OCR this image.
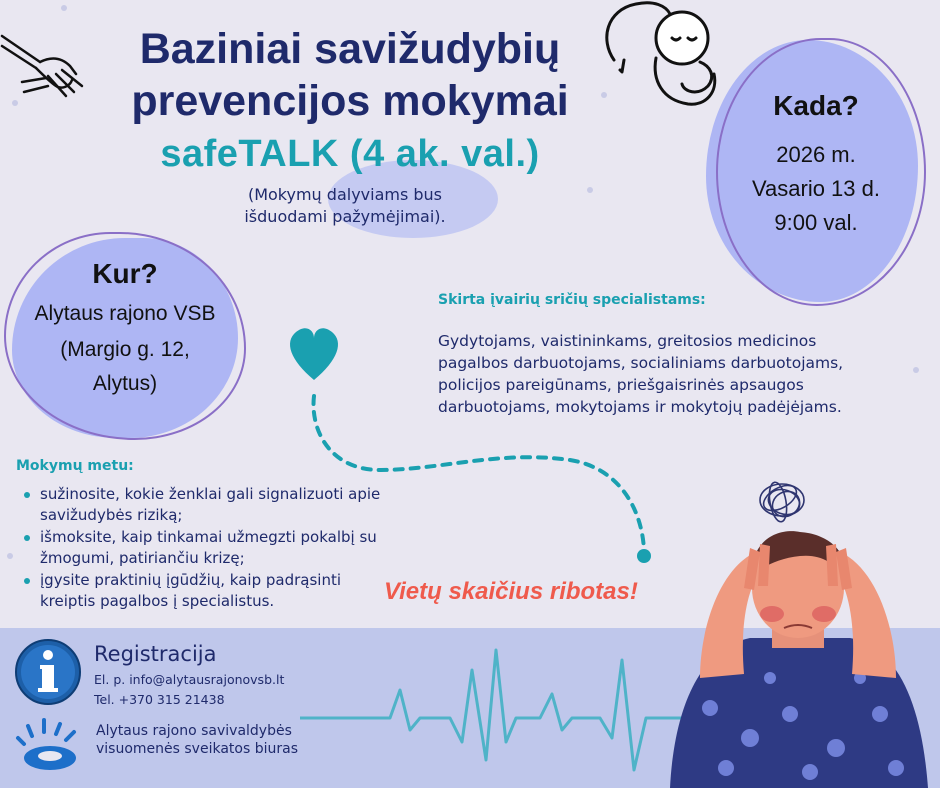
Baziniai savižudybių
prevencijos mokymai
safeTALK (4 ak. val.)
(Mokymų dalyviams bus
išduodami pažymėjimai).
Kada?
2026 m.
Vasario 13 d.
9:00 val.
Kur?
Alytaus rajono VSB
(Margio g. 12,
Alytus)
Skirta įvairių sričių specialistams:
Gydytojams, vaistininkams, greitosios medicinos
pagalbos darbuotojams, socialiniams darbuotojams,
policijos pareigūnams, priešgaisrinės apsaugos
darbuotojams, mokytojams ir mokytojų padėjėjams.
Mokymų metu:
sužinosite, kokie ženklai gali signalizuoti apie savižudybės riziką;
išmoksite, kaip tinkamai užmegzti pokalbį su žmogumi, patiriančiu krizę;
įgysite praktinių įgūdžių, kaip padrąsinti kreiptis pagalbos į specialistus.	Vietų skaičius ribotas!
Registracija
El. p. info@alytausrajonovsb.lt
Tel. +370 315 21438
Alytaus rajono savivaldybės
visuomenės sveikatos biuras
